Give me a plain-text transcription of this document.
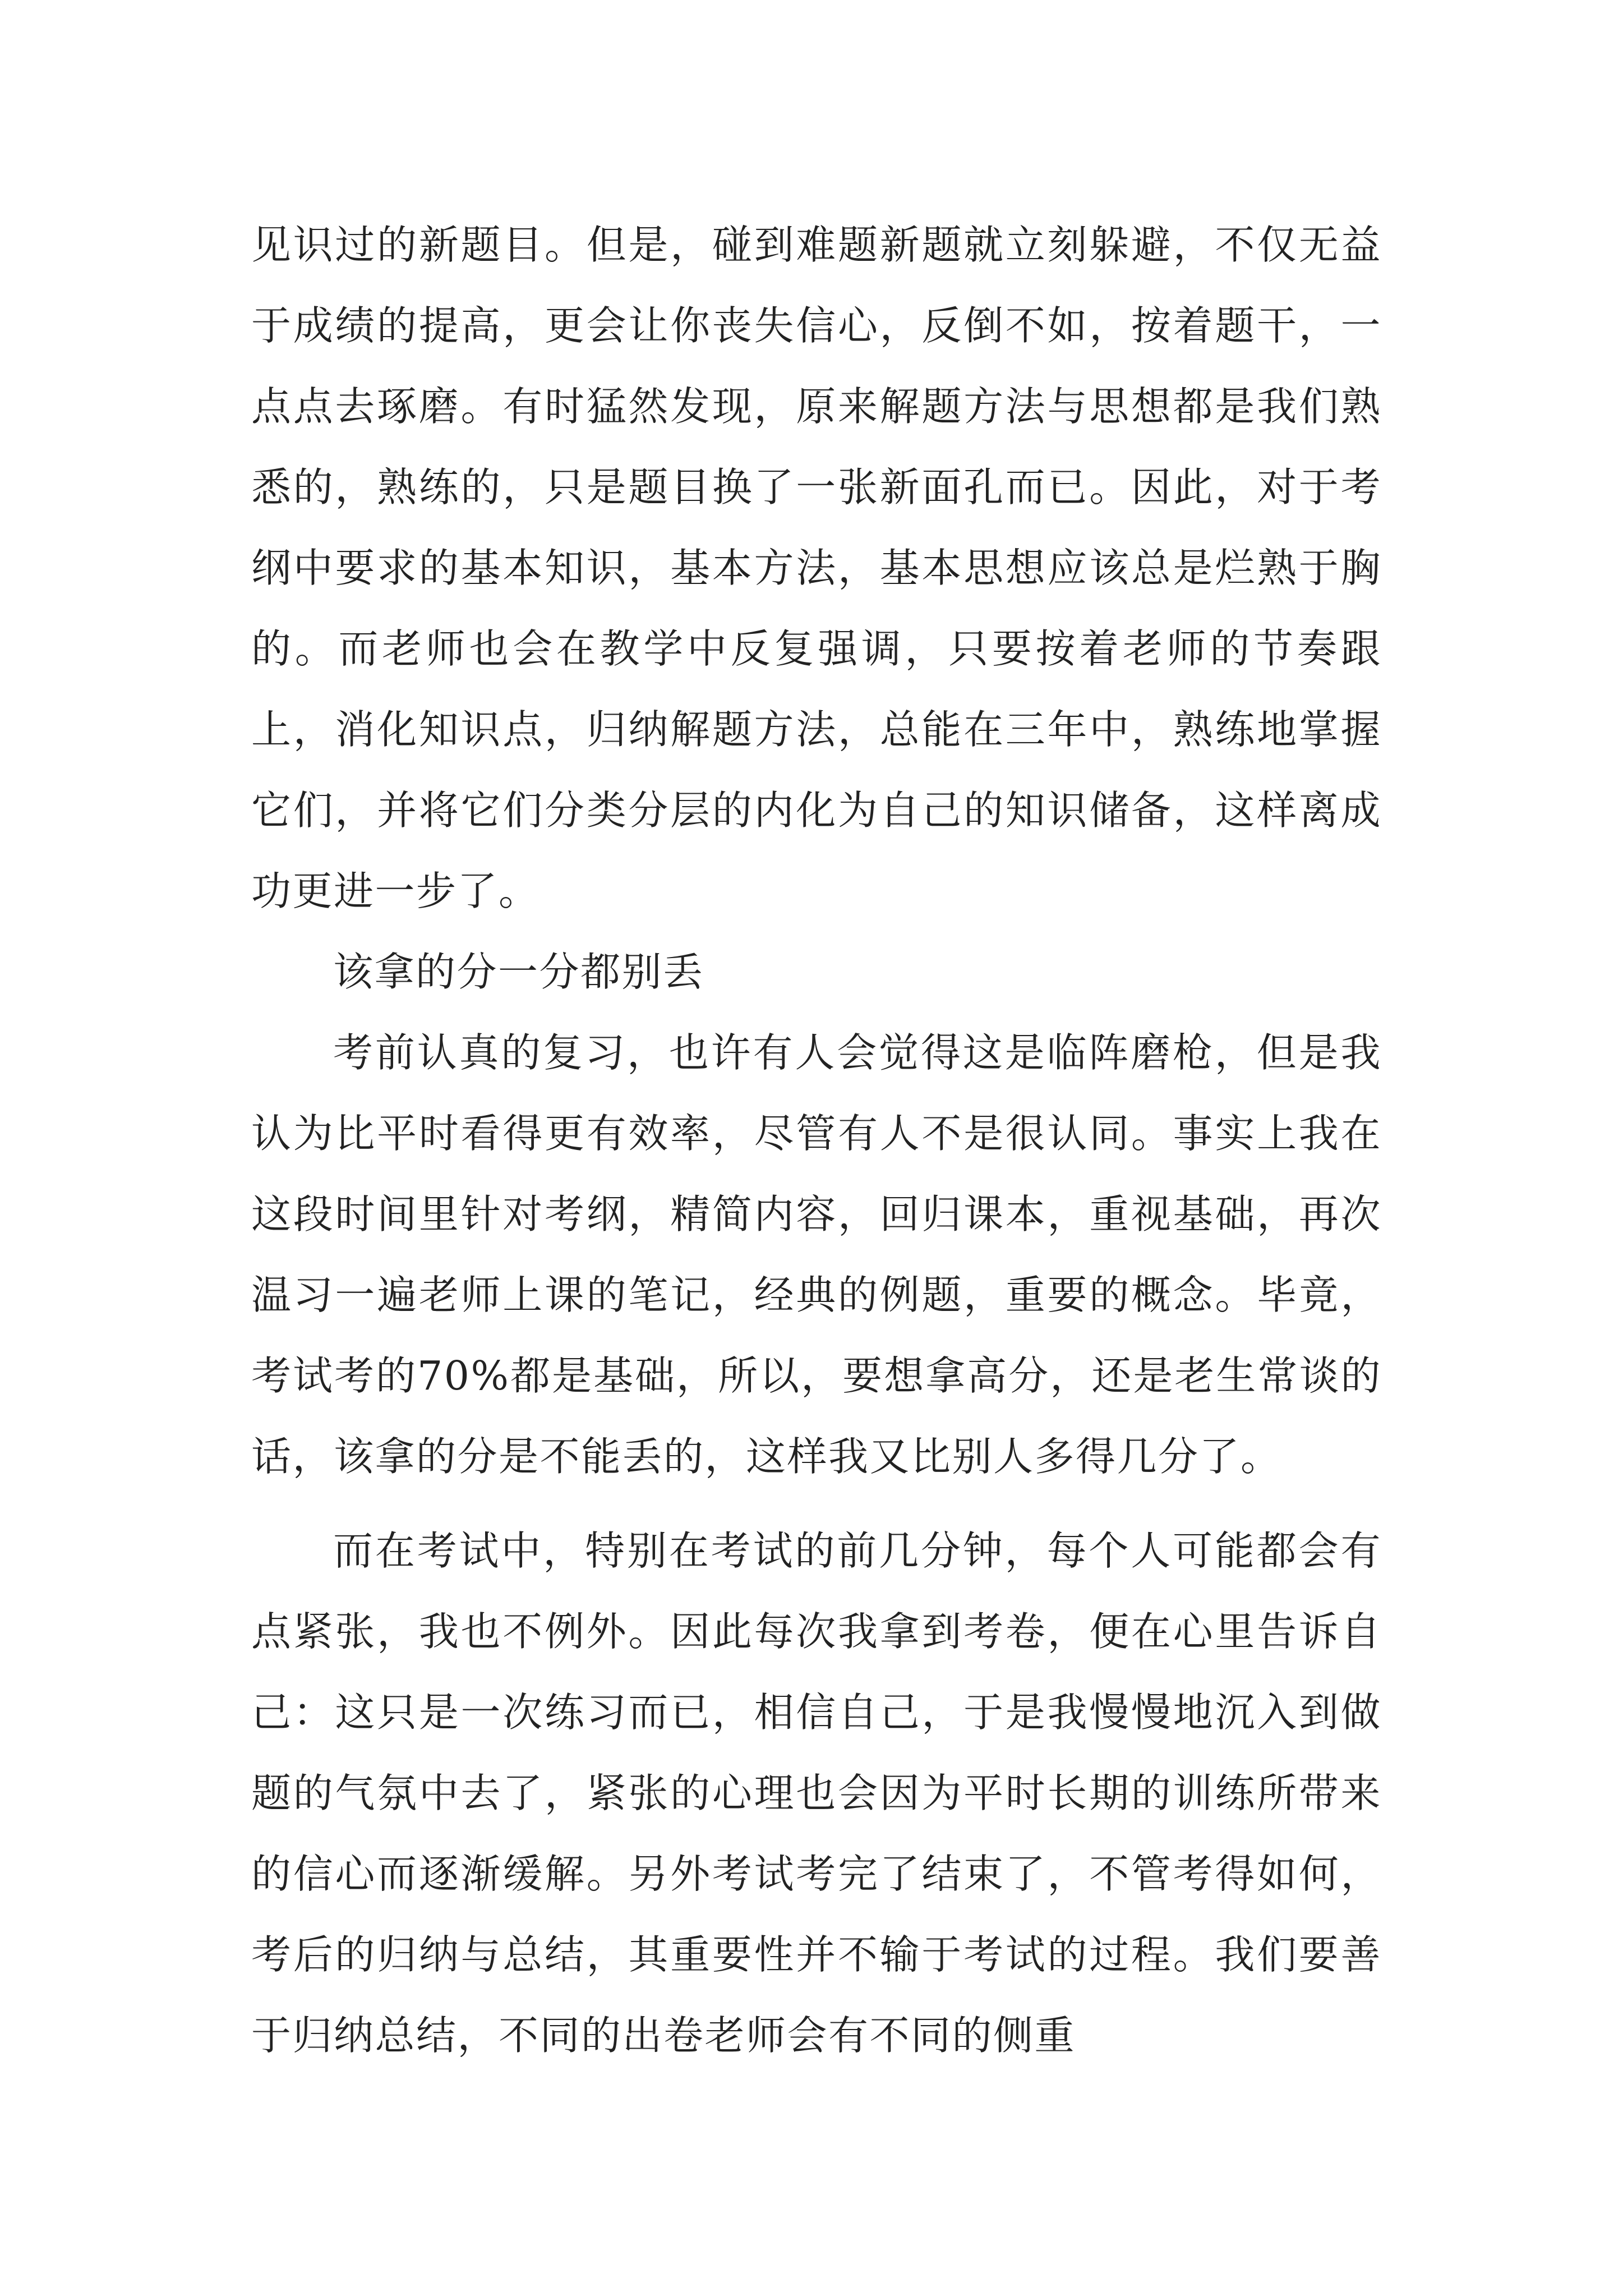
见识过的新题目。但是，碰到难题新题就立刻躲避，不仅无益于成绩的提高，更会让你丧失信心，反倒不如，按着题干，一点点去琢磨。有时猛然发现，原来解题方法与思想都是我们熟悉的，熟练的，只是题目换了一张新面孔而已。因此，对于考纲中要求的基本知识，基本方法，基本思想应该总是烂熟于胸的。而老师也会在教学中反复强调，只要按着老师的节奏跟上，消化知识点，归纳解题方法，总能在三年中，熟练地掌握它们，并将它们分类分层的内化为自己的知识储备，这样离成功更进一步了。

该拿的分一分都别丢

考前认真的复习，也许有人会觉得这是临阵磨枪，但是我认为比平时看得更有效率，尽管有人不是很认同。事实上我在这段时间里针对考纲，精简内容，回归课本，重视基础，再次温习一遍老师上课的笔记，经典的例题，重要的概念。毕竟，考试考的70%都是基础，所以，要想拿高分，还是老生常谈的话，该拿的分是不能丢的，这样我又比别人多得几分了。

而在考试中，特别在考试的前几分钟，每个人可能都会有点紧张，我也不例外。因此每次我拿到考卷，便在心里告诉自己：这只是一次练习而已，相信自己，于是我慢慢地沉入到做题的气氛中去了，紧张的心理也会因为平时长期的训练所带来的信心而逐渐缓解。另外考试考完了结束了，不管考得如何，考后的归纳与总结，其重要性并不输于考试的过程。我们要善于归纳总结，不同的出卷老师会有不同的侧重
